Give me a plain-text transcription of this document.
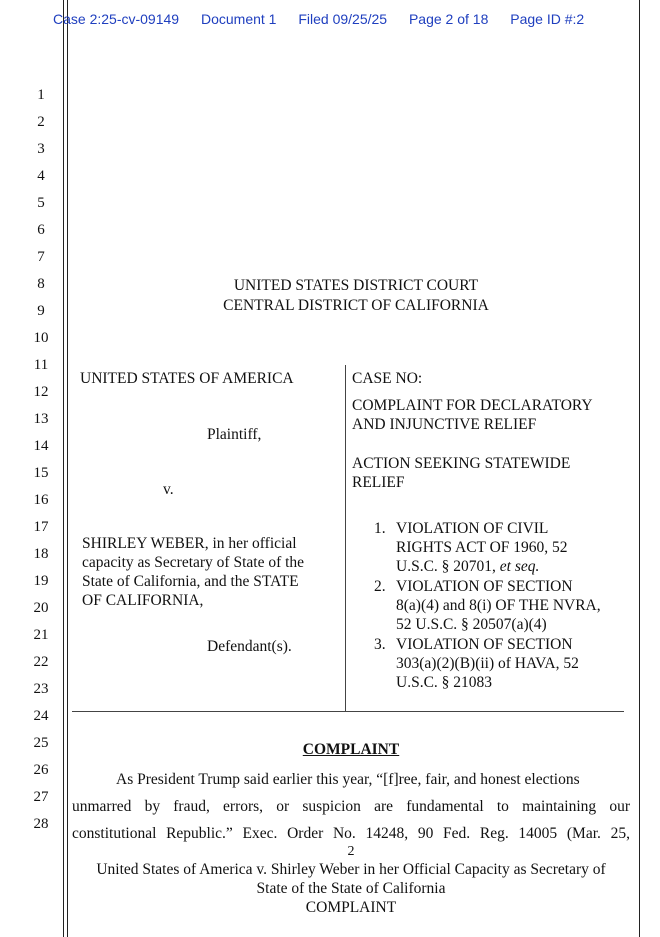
Case 2:25-cv-09149 Document 1 Filed 09/25/25 Page 2 of 18 Page ID #:2
1
2
3
4
5
6
7
8
9
10
11
12
13
14
15
16
17
18
19
20
21
22
23
24
25
26
27
28
UNITED STATES DISTRICT COURT
CENTRAL DISTRICT OF CALIFORNIA
UNITED STATES OF AMERICA
Plaintiff,
v.
SHIRLEY WEBER, in her official
capacity as Secretary of State of the
State of California, and the STATE
OF CALIFORNIA,
Defendant(s).
CASE NO:
COMPLAINT FOR DECLARATORY
AND INJUNCTIVE RELIEF
ACTION SEEKING STATEWIDE
RELIEF
1. VIOLATION OF CIVIL
RIGHTS ACT OF 1960, 52
U.S.C. § 20701, et seq.
2. VIOLATION OF SECTION
8(a)(4) and 8(i) OF THE NVRA,
52 U.S.C. § 20507(a)(4)
3. VIOLATION OF SECTION
303(a)(2)(B)(ii) of HAVA, 52
U.S.C. § 21083
COMPLAINT
As President Trump said earlier this year, “[f]ree, fair, and honest elections
unmarred by fraud, errors, or suspicion are fundamental to maintaining our
constitutional Republic.” Exec. Order No. 14248, 90 Fed. Reg. 14005 (Mar. 25,
2
United States of America v. Shirley Weber in her Official Capacity as Secretary of
State of the State of California
COMPLAINT
